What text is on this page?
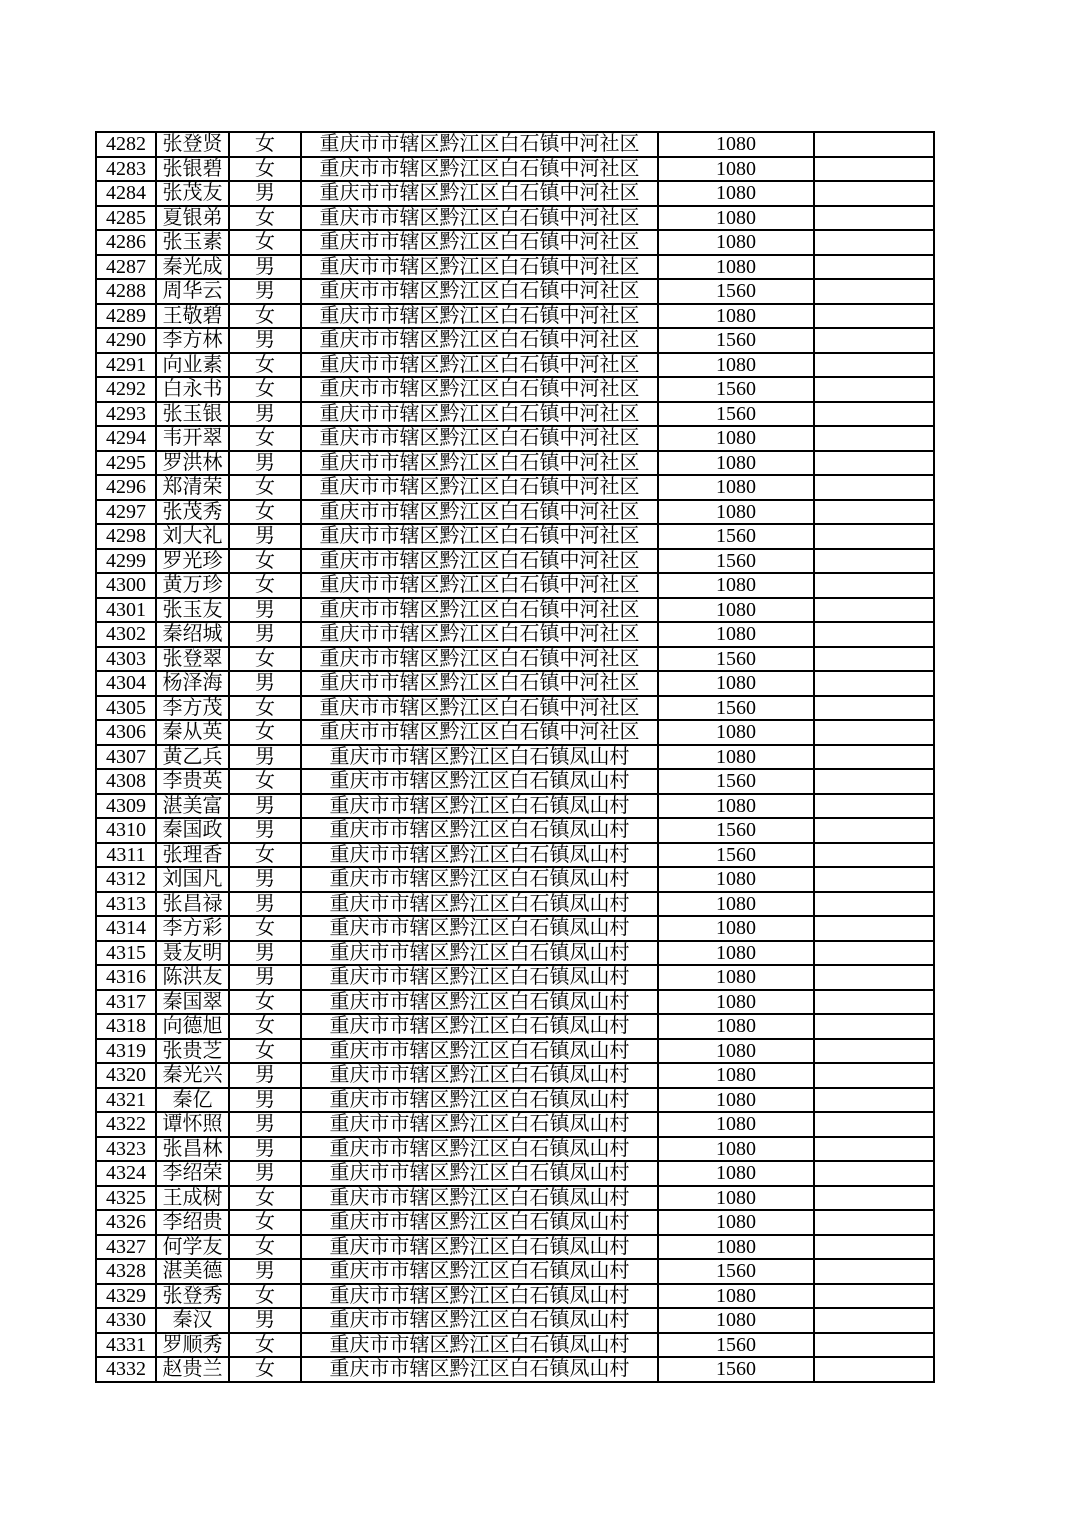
4282	张登贤	女	重庆市市辖区黔江区白石镇中河社区	1080	
4283	张银碧	女	重庆市市辖区黔江区白石镇中河社区	1080	
4284	张茂友	男	重庆市市辖区黔江区白石镇中河社区	1080	
4285	夏银弟	女	重庆市市辖区黔江区白石镇中河社区	1080	
4286	张玉素	女	重庆市市辖区黔江区白石镇中河社区	1080	
4287	秦光成	男	重庆市市辖区黔江区白石镇中河社区	1080	
4288	周华云	男	重庆市市辖区黔江区白石镇中河社区	1560	
4289	王敬碧	女	重庆市市辖区黔江区白石镇中河社区	1080	
4290	李方林	男	重庆市市辖区黔江区白石镇中河社区	1560	
4291	向业素	女	重庆市市辖区黔江区白石镇中河社区	1080	
4292	白永书	女	重庆市市辖区黔江区白石镇中河社区	1560	
4293	张玉银	男	重庆市市辖区黔江区白石镇中河社区	1560	
4294	韦开翠	女	重庆市市辖区黔江区白石镇中河社区	1080	
4295	罗洪林	男	重庆市市辖区黔江区白石镇中河社区	1080	
4296	郑清荣	女	重庆市市辖区黔江区白石镇中河社区	1080	
4297	张茂秀	女	重庆市市辖区黔江区白石镇中河社区	1080	
4298	刘大礼	男	重庆市市辖区黔江区白石镇中河社区	1560	
4299	罗光珍	女	重庆市市辖区黔江区白石镇中河社区	1560	
4300	黄万珍	女	重庆市市辖区黔江区白石镇中河社区	1080	
4301	张玉友	男	重庆市市辖区黔江区白石镇中河社区	1080	
4302	秦绍城	男	重庆市市辖区黔江区白石镇中河社区	1080	
4303	张登翠	女	重庆市市辖区黔江区白石镇中河社区	1560	
4304	杨泽海	男	重庆市市辖区黔江区白石镇中河社区	1080	
4305	李方茂	女	重庆市市辖区黔江区白石镇中河社区	1560	
4306	秦从英	女	重庆市市辖区黔江区白石镇中河社区	1080	
4307	黄乙兵	男	重庆市市辖区黔江区白石镇凤山村	1080	
4308	李贵英	女	重庆市市辖区黔江区白石镇凤山村	1560	
4309	湛美富	男	重庆市市辖区黔江区白石镇凤山村	1080	
4310	秦国政	男	重庆市市辖区黔江区白石镇凤山村	1560	
4311	张理香	女	重庆市市辖区黔江区白石镇凤山村	1560	
4312	刘国凡	男	重庆市市辖区黔江区白石镇凤山村	1080	
4313	张昌禄	男	重庆市市辖区黔江区白石镇凤山村	1080	
4314	李方彩	女	重庆市市辖区黔江区白石镇凤山村	1080	
4315	聂友明	男	重庆市市辖区黔江区白石镇凤山村	1080	
4316	陈洪友	男	重庆市市辖区黔江区白石镇凤山村	1080	
4317	秦国翠	女	重庆市市辖区黔江区白石镇凤山村	1080	
4318	向德旭	女	重庆市市辖区黔江区白石镇凤山村	1080	
4319	张贵芝	女	重庆市市辖区黔江区白石镇凤山村	1080	
4320	秦光兴	男	重庆市市辖区黔江区白石镇凤山村	1080	
4321	秦亿	男	重庆市市辖区黔江区白石镇凤山村	1080	
4322	谭怀照	男	重庆市市辖区黔江区白石镇凤山村	1080	
4323	张昌林	男	重庆市市辖区黔江区白石镇凤山村	1080	
4324	李绍荣	男	重庆市市辖区黔江区白石镇凤山村	1080	
4325	王成树	女	重庆市市辖区黔江区白石镇凤山村	1080	
4326	李绍贵	女	重庆市市辖区黔江区白石镇凤山村	1080	
4327	何学友	女	重庆市市辖区黔江区白石镇凤山村	1080	
4328	湛美德	男	重庆市市辖区黔江区白石镇凤山村	1560	
4329	张登秀	女	重庆市市辖区黔江区白石镇凤山村	1080	
4330	秦汉	男	重庆市市辖区黔江区白石镇凤山村	1080	
4331	罗顺秀	女	重庆市市辖区黔江区白石镇凤山村	1560	
4332	赵贵兰	女	重庆市市辖区黔江区白石镇凤山村	1560	
